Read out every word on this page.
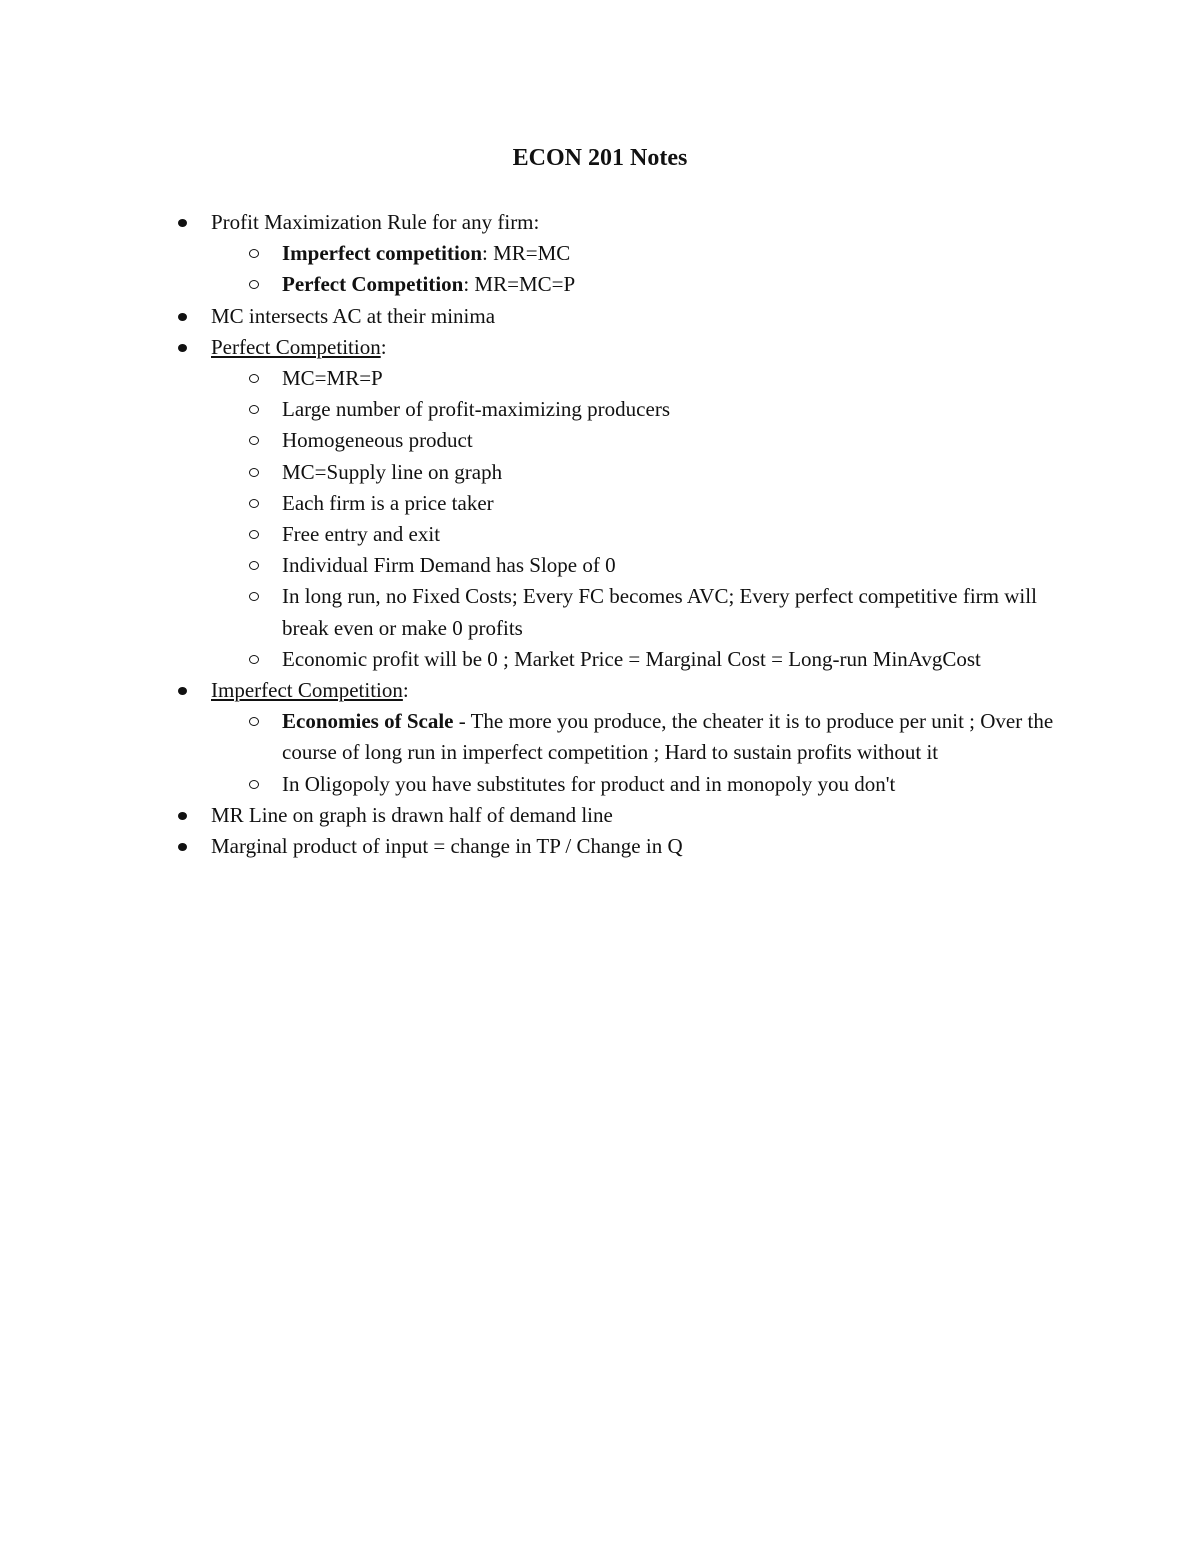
ECON 201 Notes
Profit Maximization Rule for any firm:
Imperfect competition: MR=MC
Perfect Competition: MR=MC=P
MC intersects AC at their minima
Perfect Competition:
MC=MR=P
Large number of profit-maximizing producers
Homogeneous product
MC=Supply line on graph
Each firm is a price taker
Free entry and exit
Individual Firm Demand has Slope of 0
In long run, no Fixed Costs; Every FC becomes AVC; Every perfect competitive firm will break even or make 0 profits
Economic profit will be 0 ; Market Price = Marginal Cost = Long-run MinAvgCost
Imperfect Competition:
Economies of Scale - The more you produce, the cheater it is to produce per unit ; Over the course of long run in imperfect competition ; Hard to sustain profits without it
In Oligopoly you have substitutes for product and in monopoly you don't
MR Line on graph is drawn half of demand line
Marginal product of input = change in TP / Change in Q
